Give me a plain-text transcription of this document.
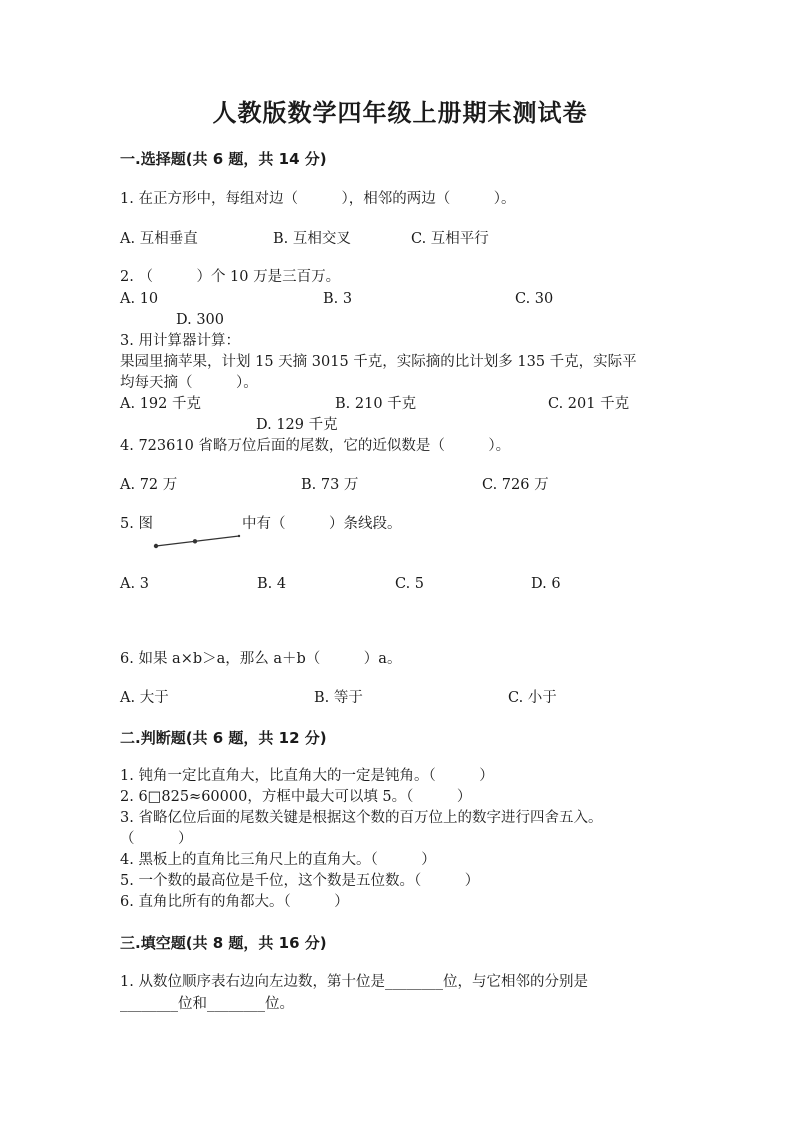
人教版数学四年级上册期末测试卷
一.选择题(共 6 题，共 14 分)
1. 在正方形中，每组对边（　　　），相邻的两边（　　　）。
A. 互相垂直	B. 互相交叉	C. 互相平行
2. （　　　）个 10 万是三百万。
A. 10	B. 3	C. 30
D. 300
3. 用计算器计算：
果园里摘苹果，计划 15 天摘 3015 千克，实际摘的比计划多 135 千克，实际平
均每天摘（　　　）。
A. 192 千克	B. 210 千克	C. 201 千克
D. 129 千克
4. 723610 省略万位后面的尾数，它的近似数是（　　　）。
A. 72 万	B. 73 万	C. 726 万
5. 图	中有（　　　）条线段。
A. 3	B. 4	C. 5	D. 6
6. 如果 a×b＞a，那么 a＋b（　　　）a。
A. 大于	B. 等于	C. 小于
二.判断题(共 6 题，共 12 分)
1. 钝角一定比直角大，比直角大的一定是钝角。（　　　）
2. 6□825≈60000，方框中最大可以填 5。（　　　）
3. 省略亿位后面的尾数关键是根据这个数的百万位上的数字进行四舍五入。
（　　　）
4. 黑板上的直角比三角尺上的直角大。（　　　）
5. 一个数的最高位是千位，这个数是五位数。（　　　）
6. 直角比所有的角都大。（　　　）
三.填空题(共 8 题，共 16 分)
1. 从数位顺序表右边向左边数，第十位是________位，与它相邻的分别是
________位和________位。
